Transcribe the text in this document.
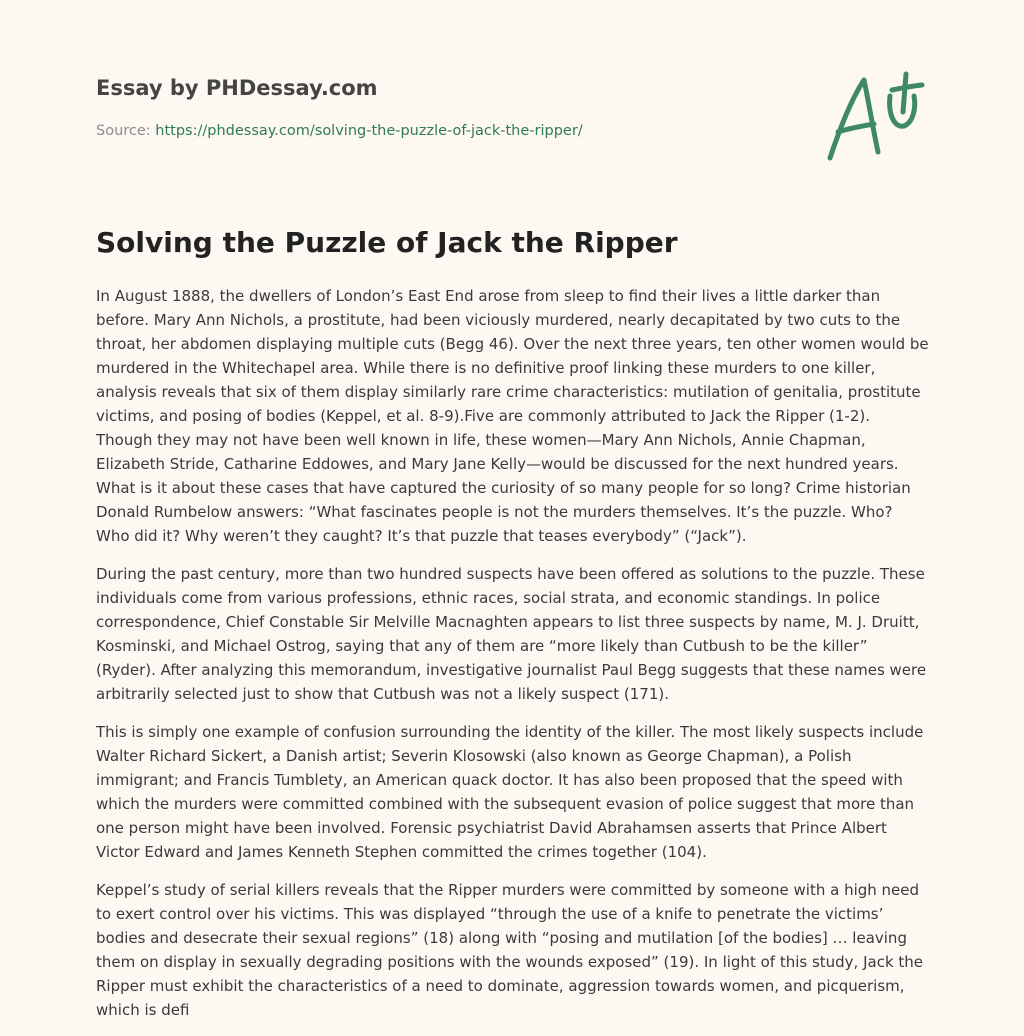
Essay by PHDessay.com
Source: https://phdessay.com/solving-the-puzzle-of-jack-the-ripper/
Solving the Puzzle of Jack the Ripper

In August 1888, the dwellers of London’s East End arose from sleep to find their lives a little darker than before. Mary Ann Nichols, a prostitute, had been viciously murdered, nearly decapitated by two cuts to the throat, her abdomen displaying multiple cuts (Begg 46). Over the next three years, ten other women would be murdered in the Whitechapel area. While there is no definitive proof linking these murders to one killer, analysis reveals that six of them display similarly rare crime characteristics: mutilation of genitalia, prostitute victims, and posing of bodies (Keppel, et al. 8-9).Five are commonly attributed to Jack the Ripper (1-2). Though they may not have been well known in life, these women—Mary Ann Nichols, Annie Chapman, Elizabeth Stride, Catharine Eddowes, and Mary Jane Kelly—would be discussed for the next hundred years. What is it about these cases that have captured the curiosity of so many people for so long? Crime historian Donald Rumbelow answers: “What fascinates people is not the murders themselves. It’s the puzzle. Who? Who did it? Why weren’t they caught? It’s that puzzle that teases everybody” (“Jack”).

During the past century, more than two hundred suspects have been offered as solutions to the puzzle. These individuals come from various professions, ethnic races, social strata, and economic standings. In police correspondence, Chief Constable Sir Melville Macnaghten appears to list three suspects by name, M. J. Druitt, Kosminski, and Michael Ostrog, saying that any of them are “more likely than Cutbush to be the killer” (Ryder). After analyzing this memorandum, investigative journalist Paul Begg suggests that these names were arbitrarily selected just to show that Cutbush was not a likely suspect (171).

This is simply one example of confusion surrounding the identity of the killer. The most likely suspects include Walter Richard Sickert, a Danish artist; Severin Klosowski (also known as George Chapman), a Polish immigrant; and Francis Tumblety, an American quack doctor. It has also been proposed that the speed with which the murders were committed combined with the subsequent evasion of police suggest that more than one person might have been involved. Forensic psychiatrist David Abrahamsen asserts that Prince Albert Victor Edward and James Kenneth Stephen committed the crimes together (104).

Keppel’s study of serial killers reveals that the Ripper murders were committed by someone with a high need to exert control over his victims. This was displayed “through the use of a knife to penetrate the victims’ bodies and desecrate their sexual regions” (18) along with “posing and mutilation [of the bodies] … leaving them on display in sexually degrading positions with the wounds exposed” (19). In light of this study, Jack the Ripper must exhibit the characteristics of a need to dominate, aggression towards women, and picquerism, which is defi
